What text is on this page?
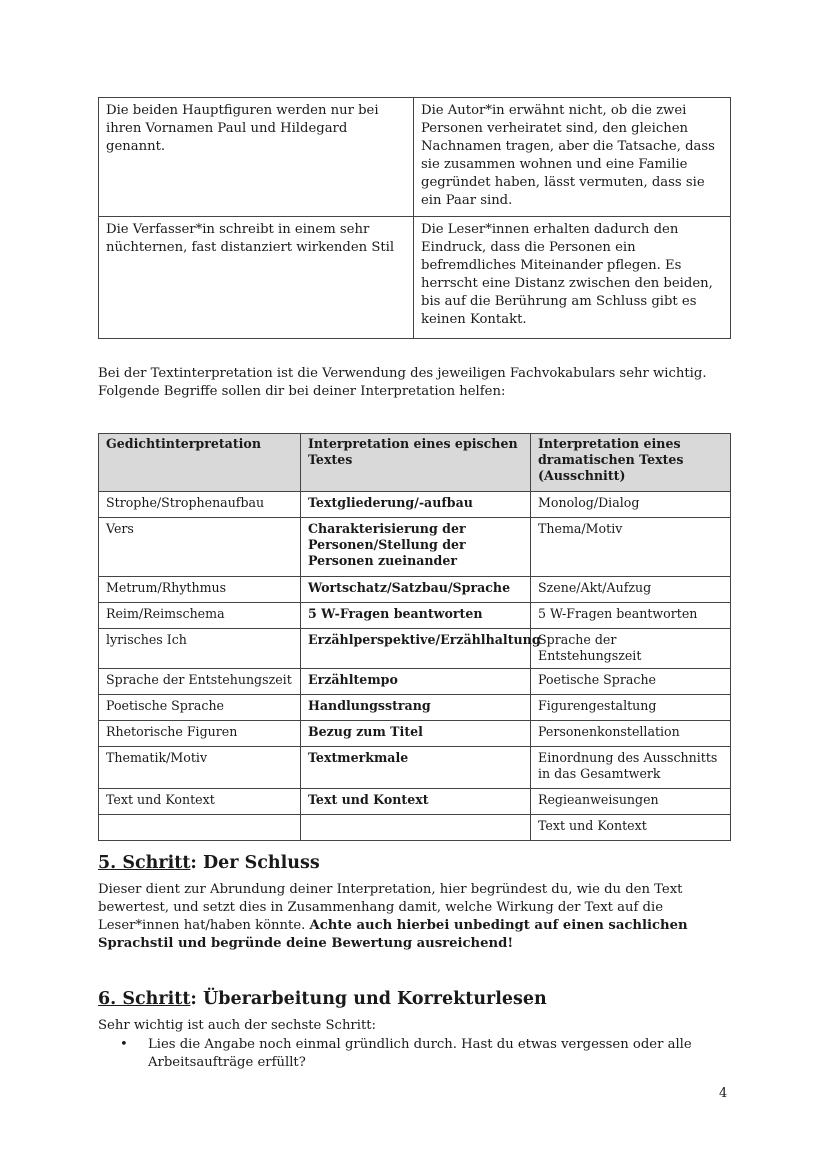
Die beiden Hauptfiguren werden nur bei ihren Vornamen Paul und Hildegard genannt.	Die Autor*in erwähnt nicht, ob die zwei Personen verheiratet sind, den gleichen Nachnamen tragen, aber die Tatsache, dass sie zusammen wohnen und eine Familie gegründet haben, lässt vermuten, dass sie ein Paar sind.
Die Verfasser*in schreibt in einem sehr nüchternen, fast distanziert wirkenden Stil	Die Leser*innen erhalten dadurch den Eindruck, dass die Personen ein befremdliches Miteinander pflegen. Es herrscht eine Distanz zwischen den beiden, bis auf die Berührung am Schluss gibt es keinen Kontakt.
Bei der Textinterpretation ist die Verwendung des jeweiligen Fachvokabulars sehr wichtig. Folgende Begriffe sollen dir bei deiner Interpretation helfen:
Gedichtinterpretation	Interpretation eines epischen Textes	Interpretation eines dramatischen Textes (Ausschnitt)
Strophe/Strophenaufbau	Textgliederung/-aufbau	Monolog/Dialog
Vers	Charakterisierung der Personen/Stellung der Personen zueinander	Thema/Motiv
Metrum/Rhythmus	Wortschatz/Satzbau/Sprache	Szene/Akt/Aufzug
Reim/Reimschema	5 W-Fragen beantworten	5 W-Fragen beantworten
lyrisches Ich	Erzählperspektive/Erzählhaltung	Sprache der Entstehungszeit
Sprache der Entstehungszeit	Erzähltempo	Poetische Sprache
Poetische Sprache	Handlungsstrang	Figurengestaltung
Rhetorische Figuren	Bezug zum Titel	Personenkonstellation
Thematik/Motiv	Textmerkmale	Einordnung des Ausschnitts in das Gesamtwerk
Text und Kontext	Text und Kontext	Regieanweisungen
		Text und Kontext
5. Schritt: Der Schluss
Dieser dient zur Abrundung deiner Interpretation, hier begründest du, wie du den Text bewertest, und setzt dies in Zusammenhang damit, welche Wirkung der Text auf die Leser*innen hat/haben könnte. Achte auch hierbei unbedingt auf einen sachlichen Sprachstil und begründe deine Bewertung ausreichend!
6. Schritt: Überarbeitung und Korrekturlesen
Sehr wichtig ist auch der sechste Schritt:
• Lies die Angabe noch einmal gründlich durch. Hast du etwas vergessen oder alle Arbeitsaufträge erfüllt?
4
